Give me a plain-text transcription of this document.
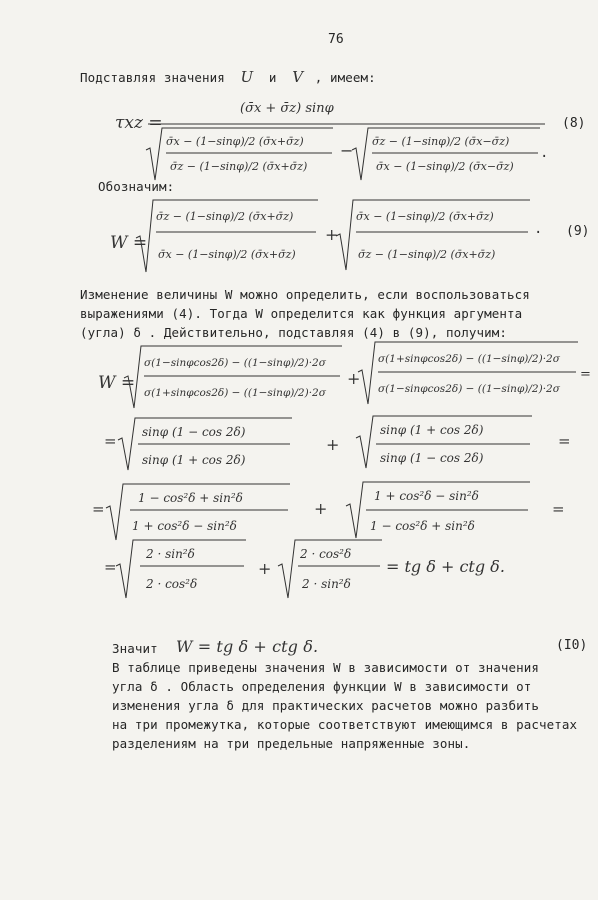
76
Подставляя значения U и V , имеем:
τxz =
(σ̄x + σ̄z) sinφ
σ̄x − (1−sinφ)/2 (σ̄x+σ̄z)
σ̄z − (1−sinφ)/2 (σ̄x+σ̄z)
− σ̄z − (1−sinφ)/2 (σ̄x−σ̄z)
σ̄x − (1−sinφ)/2 (σ̄x−σ̄z)
.
W =
σ̄z − (1−sinφ)/2 (σ̄x+σ̄z)
σ̄x − (1−sinφ)/2 (σ̄x+σ̄z)
+
σ̄x − (1−sinφ)/2 (σ̄x+σ̄z)
σ̄z − (1−sinφ)/2 (σ̄x+σ̄z)
.
W =
σ(1−sinφcos2δ) − ((1−sinφ)/2)·2σ
σ(1+sinφcos2δ) − ((1−sinφ)/2)·2σ
+
σ(1+sinφcos2δ) − ((1−sinφ)/2)·2σ
σ(1−sinφcos2δ) − ((1−sinφ)/2)·2σ
=
= sinφ (1 − cos 2δ)
sinφ (1 + cos 2δ)
+
sinφ (1 + cos 2δ)
sinφ (1 − cos 2δ)
=
=
1 − cos²δ + sin²δ
1 + cos²δ − sin²δ
+
1 + cos²δ − sin²δ
1 − cos²δ + sin²δ
=
=
2 · sin²δ
2 · cos²δ
+
2 · cos²δ
2 · sin²δ
= tg δ + ctg δ.
(8)
(9)
Обозначим:
Изменение величины W можно определить, если воспользоваться
выражениями (4). Тогда W определится как функция аргумента
(угла) δ . Действительно, подставляя (4) в (9), получим:
Значит W = tg δ + ctg δ.	(I0)
В таблице приведены значения W в зависимости от значения
угла δ . Область определения функции W в зависимости от
изменения угла δ для практических расчетов можно разбить
на три промежутка, которые соответствуют имеющимся в расчетах
разделениям на три предельные напряженные зоны.
